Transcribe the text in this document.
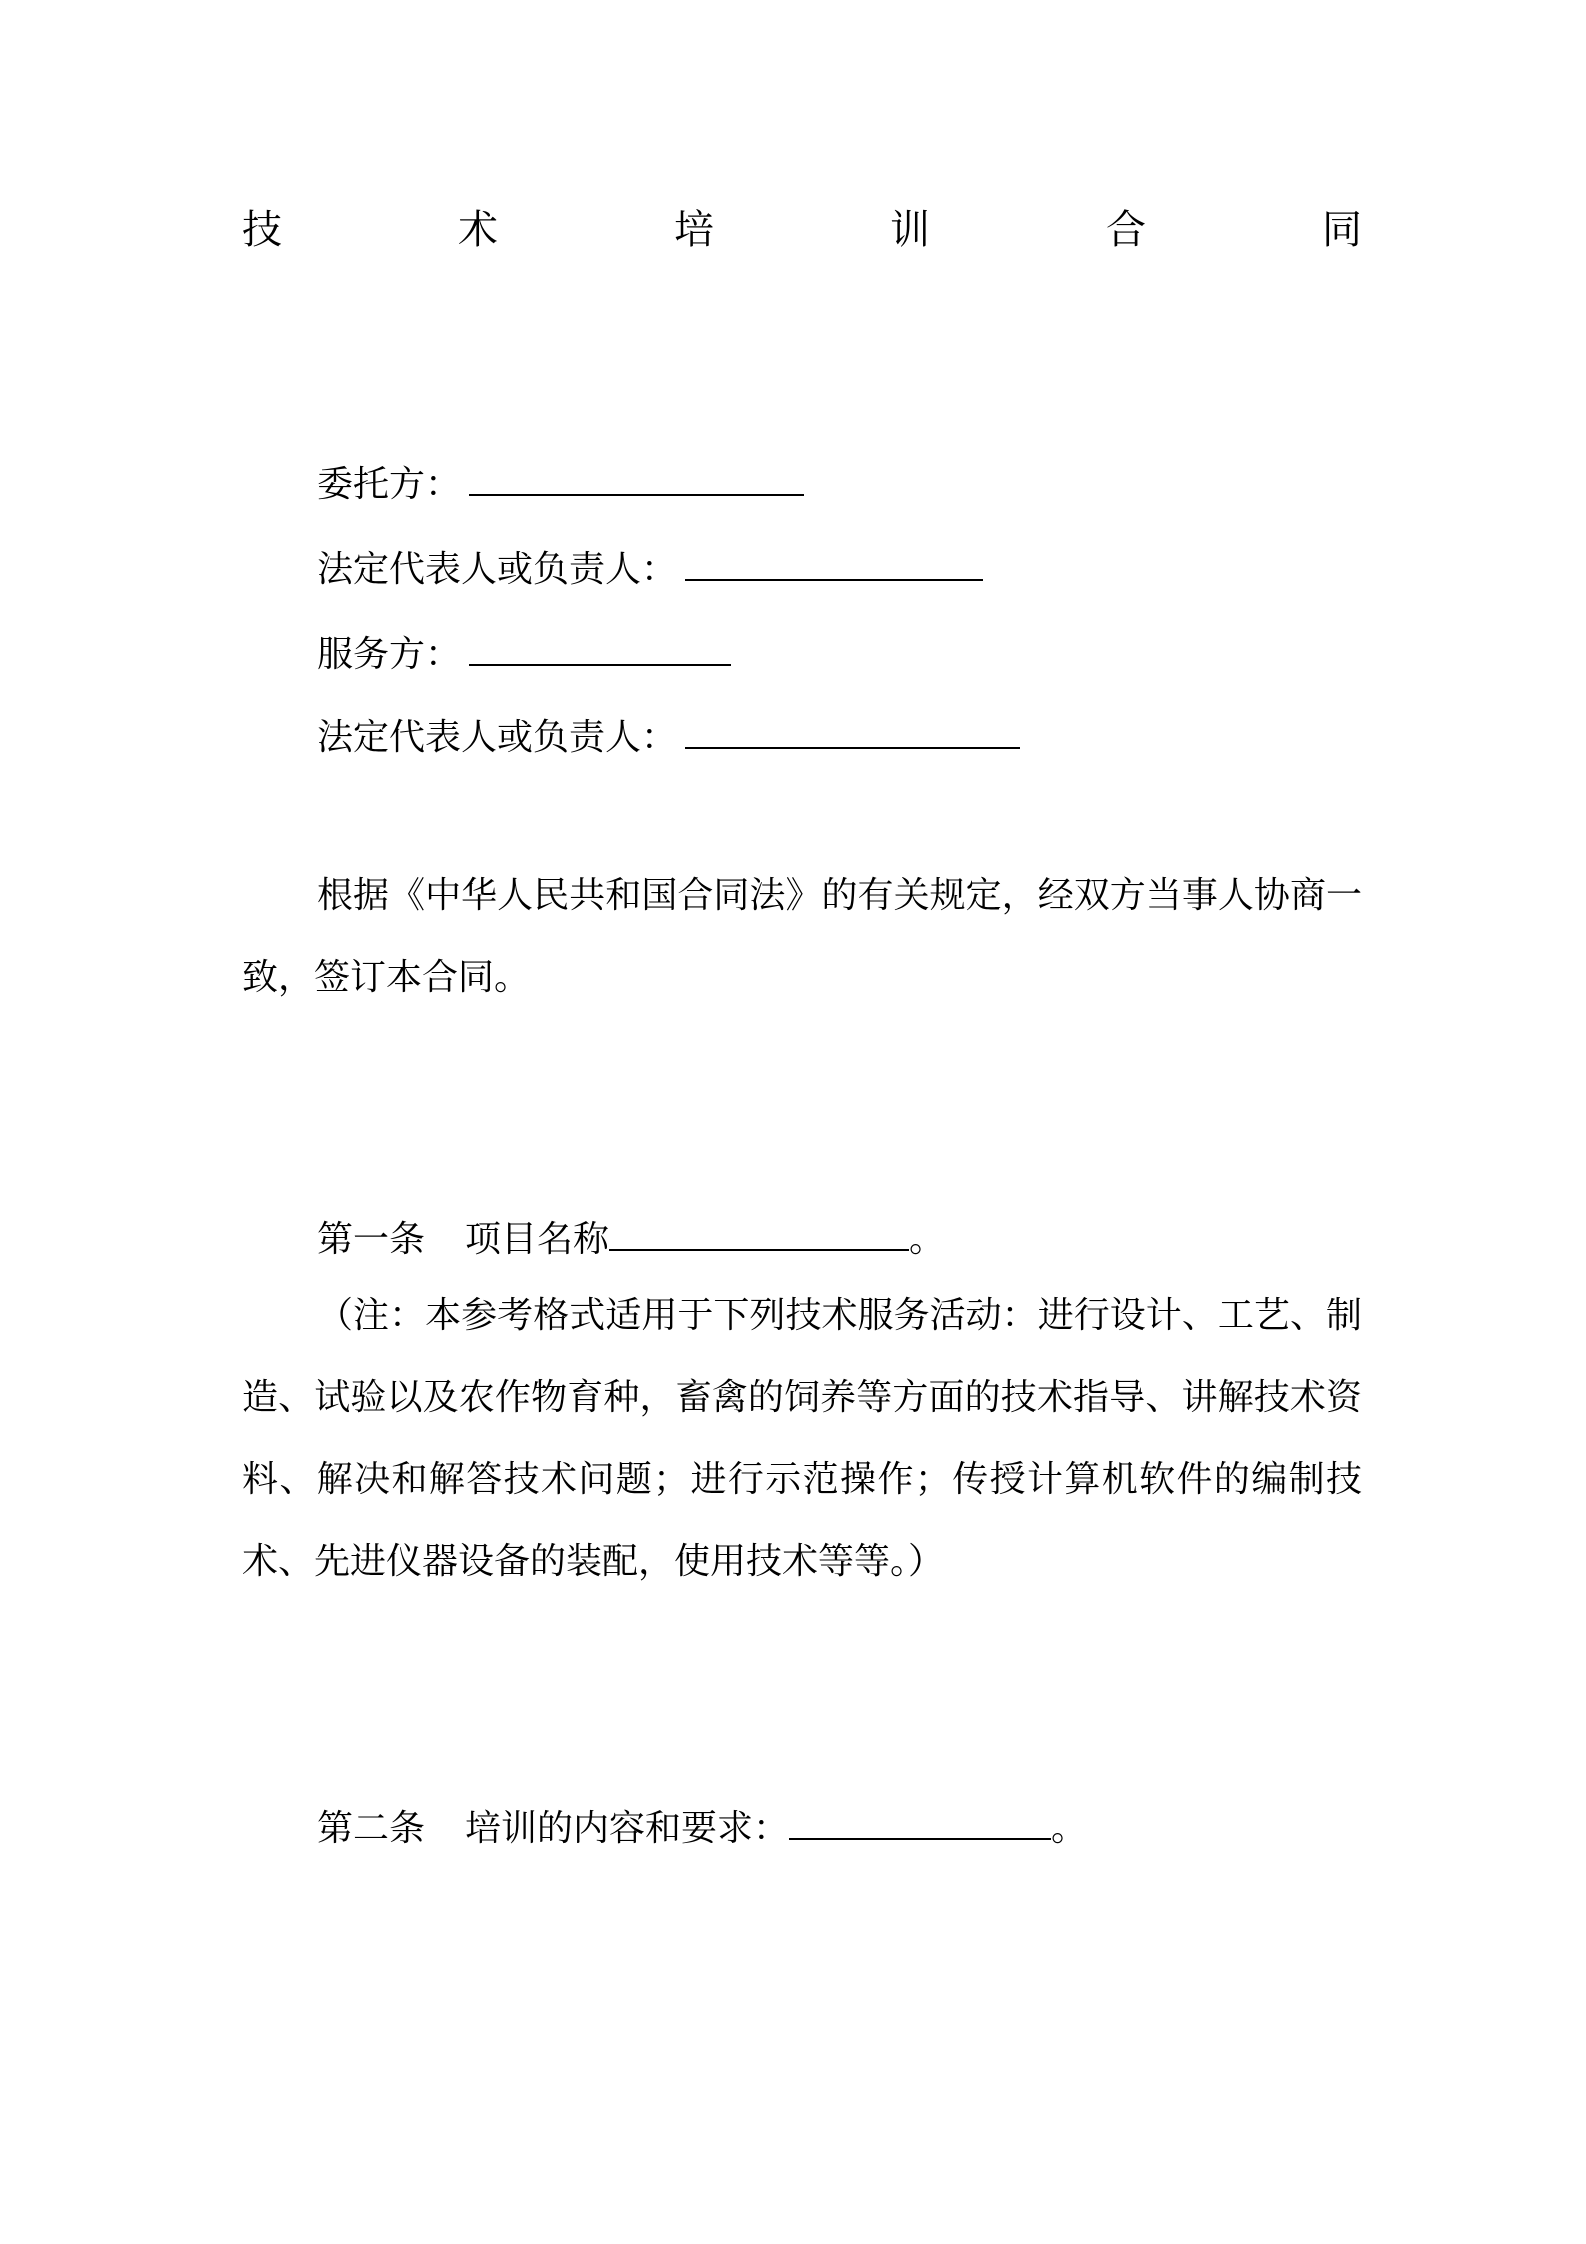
技	术	培	训	合	同
委托方：
法定代表人或负责人：
服务方：
法定代表人或负责人：
根据《中华人民共和国合同法》的有关规定，经双方当事人协商一致，签订本合同。
第一条 项目名称	。
（注：本参考格式适用于下列技术服务活动：进行设计、工艺、制造、试验以及农作物育种，畜禽的饲养等方面的技术指导、讲解技术资料、解决和解答技术问题；进行示范操作；传授计算机软件的编制技术、先进仪器设备的装配，使用技术等等。）
第二条 培训的内容和要求：	。
